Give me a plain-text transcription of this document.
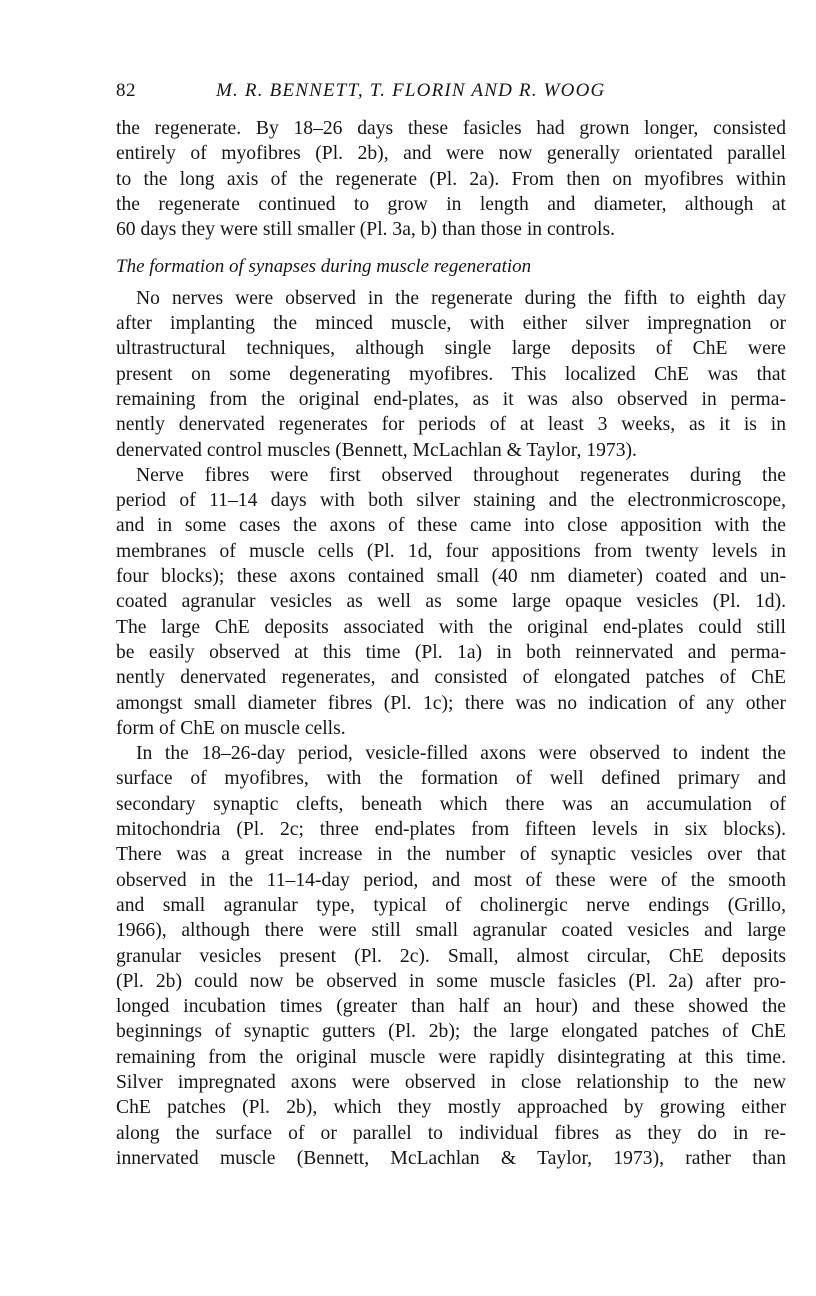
82	M. R. BENNETT, T. FLORIN AND R. WOOG
the regenerate. By 18–26 days these fasicles had grown longer, consisted
entirely of myofibres (Pl. 2b), and were now generally orientated parallel
to the long axis of the regenerate (Pl. 2a). From then on myofibres within
the regenerate continued to grow in length and diameter, although at
60 days they were still smaller (Pl. 3a, b) than those in controls.
The formation of synapses during muscle regeneration
No nerves were observed in the regenerate during the fifth to eighth day
after implanting the minced muscle, with either silver impregnation or
ultrastructural techniques, although single large deposits of ChE were
present on some degenerating myofibres. This localized ChE was that
remaining from the original end-plates, as it was also observed in perma-
nently denervated regenerates for periods of at least 3 weeks, as it is in
denervated control muscles (Bennett, McLachlan & Taylor, 1973).
Nerve fibres were first observed throughout regenerates during the
period of 11–14 days with both silver staining and the electronmicroscope,
and in some cases the axons of these came into close apposition with the
membranes of muscle cells (Pl. 1d, four appositions from twenty levels in
four blocks); these axons contained small (40 nm diameter) coated and un-
coated agranular vesicles as well as some large opaque vesicles (Pl. 1d).
The large ChE deposits associated with the original end-plates could still
be easily observed at this time (Pl. 1a) in both reinnervated and perma-
nently denervated regenerates, and consisted of elongated patches of ChE
amongst small diameter fibres (Pl. 1c); there was no indication of any other
form of ChE on muscle cells.
In the 18–26-day period, vesicle-filled axons were observed to indent the
surface of myofibres, with the formation of well defined primary and
secondary synaptic clefts, beneath which there was an accumulation of
mitochondria (Pl. 2c; three end-plates from fifteen levels in six blocks).
There was a great increase in the number of synaptic vesicles over that
observed in the 11–14-day period, and most of these were of the smooth
and small agranular type, typical of cholinergic nerve endings (Grillo,
1966), although there were still small agranular coated vesicles and large
granular vesicles present (Pl. 2c). Small, almost circular, ChE deposits
(Pl. 2b) could now be observed in some muscle fasicles (Pl. 2a) after pro-
longed incubation times (greater than half an hour) and these showed the
beginnings of synaptic gutters (Pl. 2b); the large elongated patches of ChE
remaining from the original muscle were rapidly disintegrating at this time.
Silver impregnated axons were observed in close relationship to the new
ChE patches (Pl. 2b), which they mostly approached by growing either
along the surface of or parallel to individual fibres as they do in re-
innervated muscle (Bennett, McLachlan & Taylor, 1973), rather than
